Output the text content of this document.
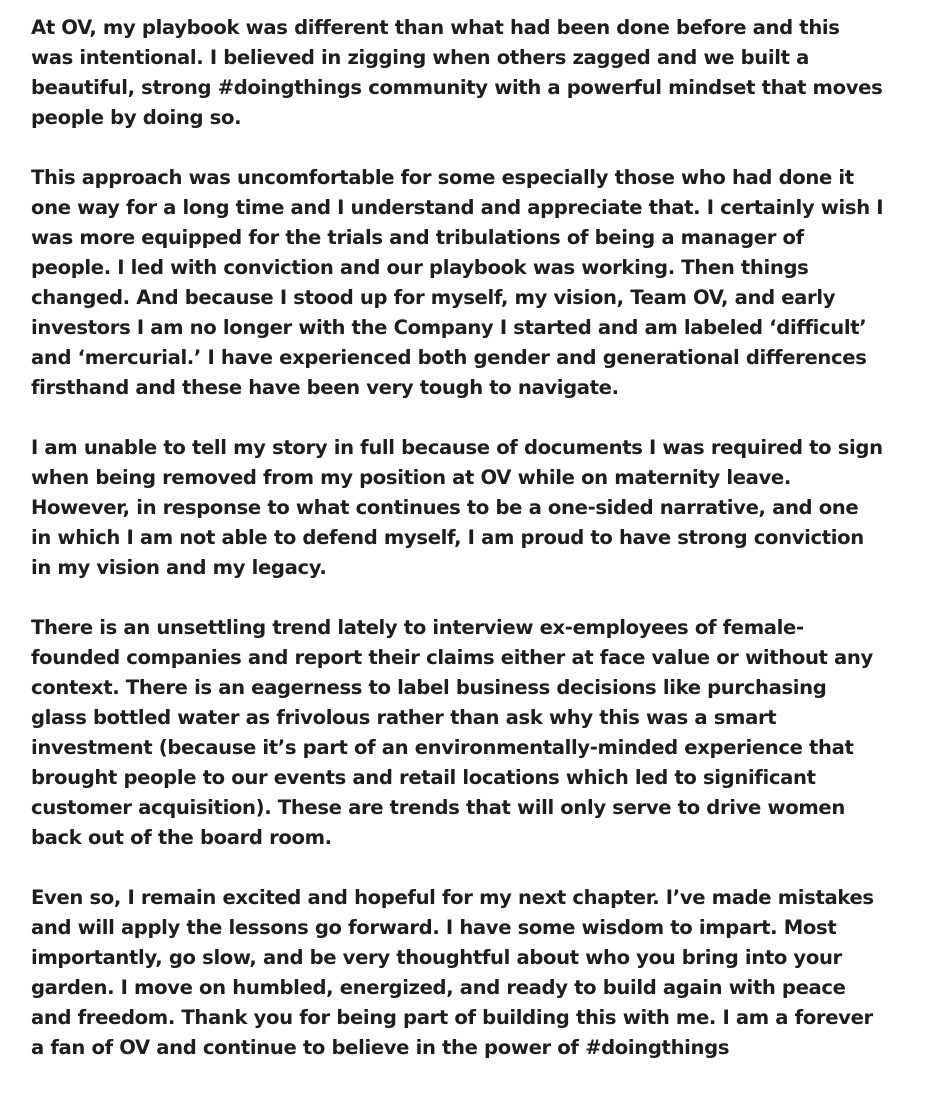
At OV, my playbook was different than what had been done before and this
was intentional. I believed in zigging when others zagged and we built a
beautiful, strong #doingthings community with a powerful mindset that moves
people by doing so.
This approach was uncomfortable for some especially those who had done it
one way for a long time and I understand and appreciate that. I certainly wish I
was more equipped for the trials and tribulations of being a manager of
people. I led with conviction and our playbook was working. Then things
changed. And because I stood up for myself, my vision, Team OV, and early
investors I am no longer with the Company I started and am labeled ‘difficult’
and ‘mercurial.’ I have experienced both gender and generational differences
firsthand and these have been very tough to navigate.
I am unable to tell my story in full because of documents I was required to sign
when being removed from my position at OV while on maternity leave.
However, in response to what continues to be a one-sided narrative, and one
in which I am not able to defend myself, I am proud to have strong conviction
in my vision and my legacy.
There is an unsettling trend lately to interview ex-employees of female-
founded companies and report their claims either at face value or without any
context. There is an eagerness to label business decisions like purchasing
glass bottled water as frivolous rather than ask why this was a smart
investment (because it’s part of an environmentally-minded experience that
brought people to our events and retail locations which led to significant
customer acquisition). These are trends that will only serve to drive women
back out of the board room.
Even so, I remain excited and hopeful for my next chapter. I’ve made mistakes
and will apply the lessons go forward. I have some wisdom to impart. Most
importantly, go slow, and be very thoughtful about who you bring into your
garden. I move on humbled, energized, and ready to build again with peace
and freedom. Thank you for being part of building this with me. I am a forever
a fan of OV and continue to believe in the power of #doingthings
